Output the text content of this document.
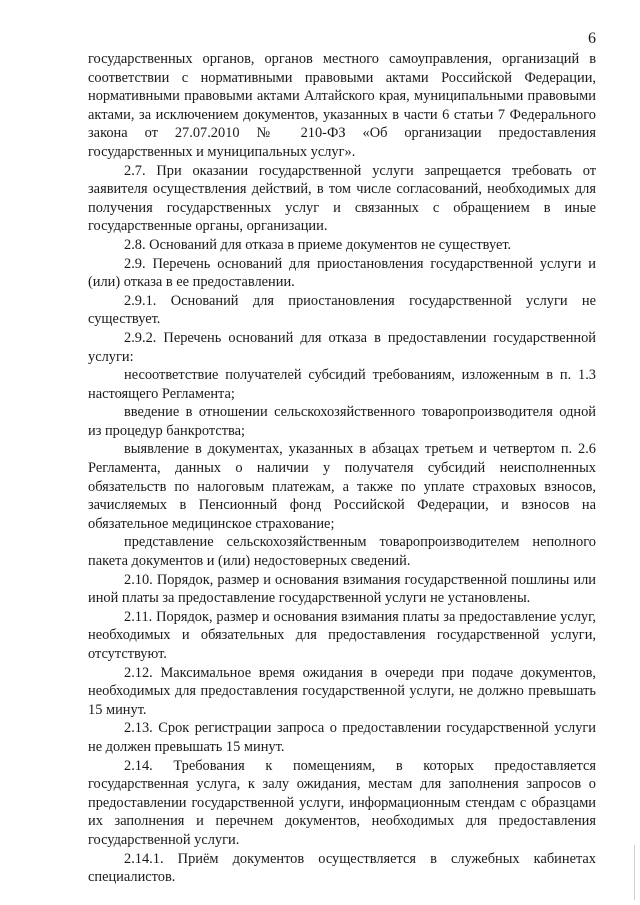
6

государственных органов, органов местного самоуправления, организаций в соответствии с нормативными правовыми актами Российской Федерации, нормативными правовыми актами Алтайского края, муниципальными правовыми актами, за исключением документов, указанных в части 6 статьи 7 Федерального закона от 27.07.2010 № 210-ФЗ «Об организации предоставления государственных и муниципальных услуг».

2.7. При оказании государственной услуги запрещается требовать от заявителя осуществления действий, в том числе согласований, необходимых для получения государственных услуг и связанных с обращением в иные государственные органы, организации.

2.8. Оснований для отказа в приеме документов не существует.

2.9. Перечень оснований для приостановления государственной услуги и (или) отказа в ее предоставлении.

2.9.1. Оснований для приостановления государственной услуги не существует.

2.9.2. Перечень оснований для отказа в предоставлении государственной услуги:

несоответствие получателей субсидий требованиям, изложенным в п. 1.3 настоящего Регламента;

введение в отношении сельскохозяйственного товаропроизводителя одной из процедур банкротства;

выявление в документах, указанных в абзацах третьем и четвертом п. 2.6 Регламента, данных о наличии у получателя субсидий неисполненных обязательств по налоговым платежам, а также по уплате страховых взносов, зачисляемых в Пенсионный фонд Российской Федерации, и взносов на обязательное медицинское страхование;

представление сельскохозяйственным товаропроизводителем неполного пакета документов и (или) недостоверных сведений.

2.10. Порядок, размер и основания взимания государственной пошлины или иной платы за предоставление государственной услуги не установлены.

2.11. Порядок, размер и основания взимания платы за предоставление услуг, необходимых и обязательных для предоставления государственной услуги, отсутствуют.

2.12. Максимальное время ожидания в очереди при подаче документов, необходимых для предоставления государственной услуги, не должно превышать 15 минут.

2.13. Срок регистрации запроса о предоставлении государственной услуги не должен превышать 15 минут.

2.14. Требования к помещениям, в которых предоставляется государственная услуга, к залу ожидания, местам для заполнения запросов о предоставлении государственной услуги, информационным стендам с образцами их заполнения и перечнем документов, необходимых для предоставления государственной услуги.

2.14.1. Приём документов осуществляется в служебных кабинетах специалистов.
